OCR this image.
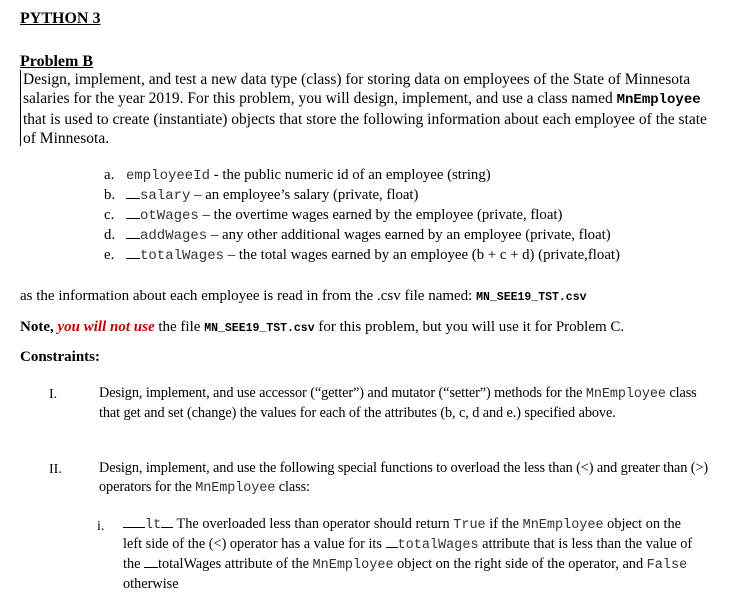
PYTHON 3
Problem B
Design, implement, and test a new data type (class) for storing data on employees of the State of Minnesota salaries for the year 2019. For this problem, you will design, implement, and use a class named MnEmployee that is used to create (instantiate) objects that store the following information about each employee of the state of Minnesota.
a. employeeId - the public numeric id of an employee (string)
b. salary – an employee’s salary (private, float)
c. otWages – the overtime wages earned by the employee (private, float)
d. addWages – any other additional wages earned by an employee (private, float)
e. totalWages – the total wages earned by an employee (b + c + d) (private,float)
as the information about each employee is read in from the .csv file named: MN_SEE19_TST.csv
Note, you will not use the file MN_SEE19_TST.csv for this problem, but you will use it for Problem C.
Constraints:
I.	Design, implement, and use accessor (“getter”) and mutator (“setter”) methods for the MnEmployee class that get and set (change) the values for each of the attributes (b, c, d and e.) specified above.
II.	Design, implement, and use the following special functions to overload the less than (<) and greater than (>) operators for the MnEmployee class:
i.	lt The overloaded less than operator should return True if the MnEmployee object on the left side of the (<) operator has a value for its totalWages attribute that is less than the value of the totalWages attribute of the MnEmployee object on the right side of the operator, and False otherwise
